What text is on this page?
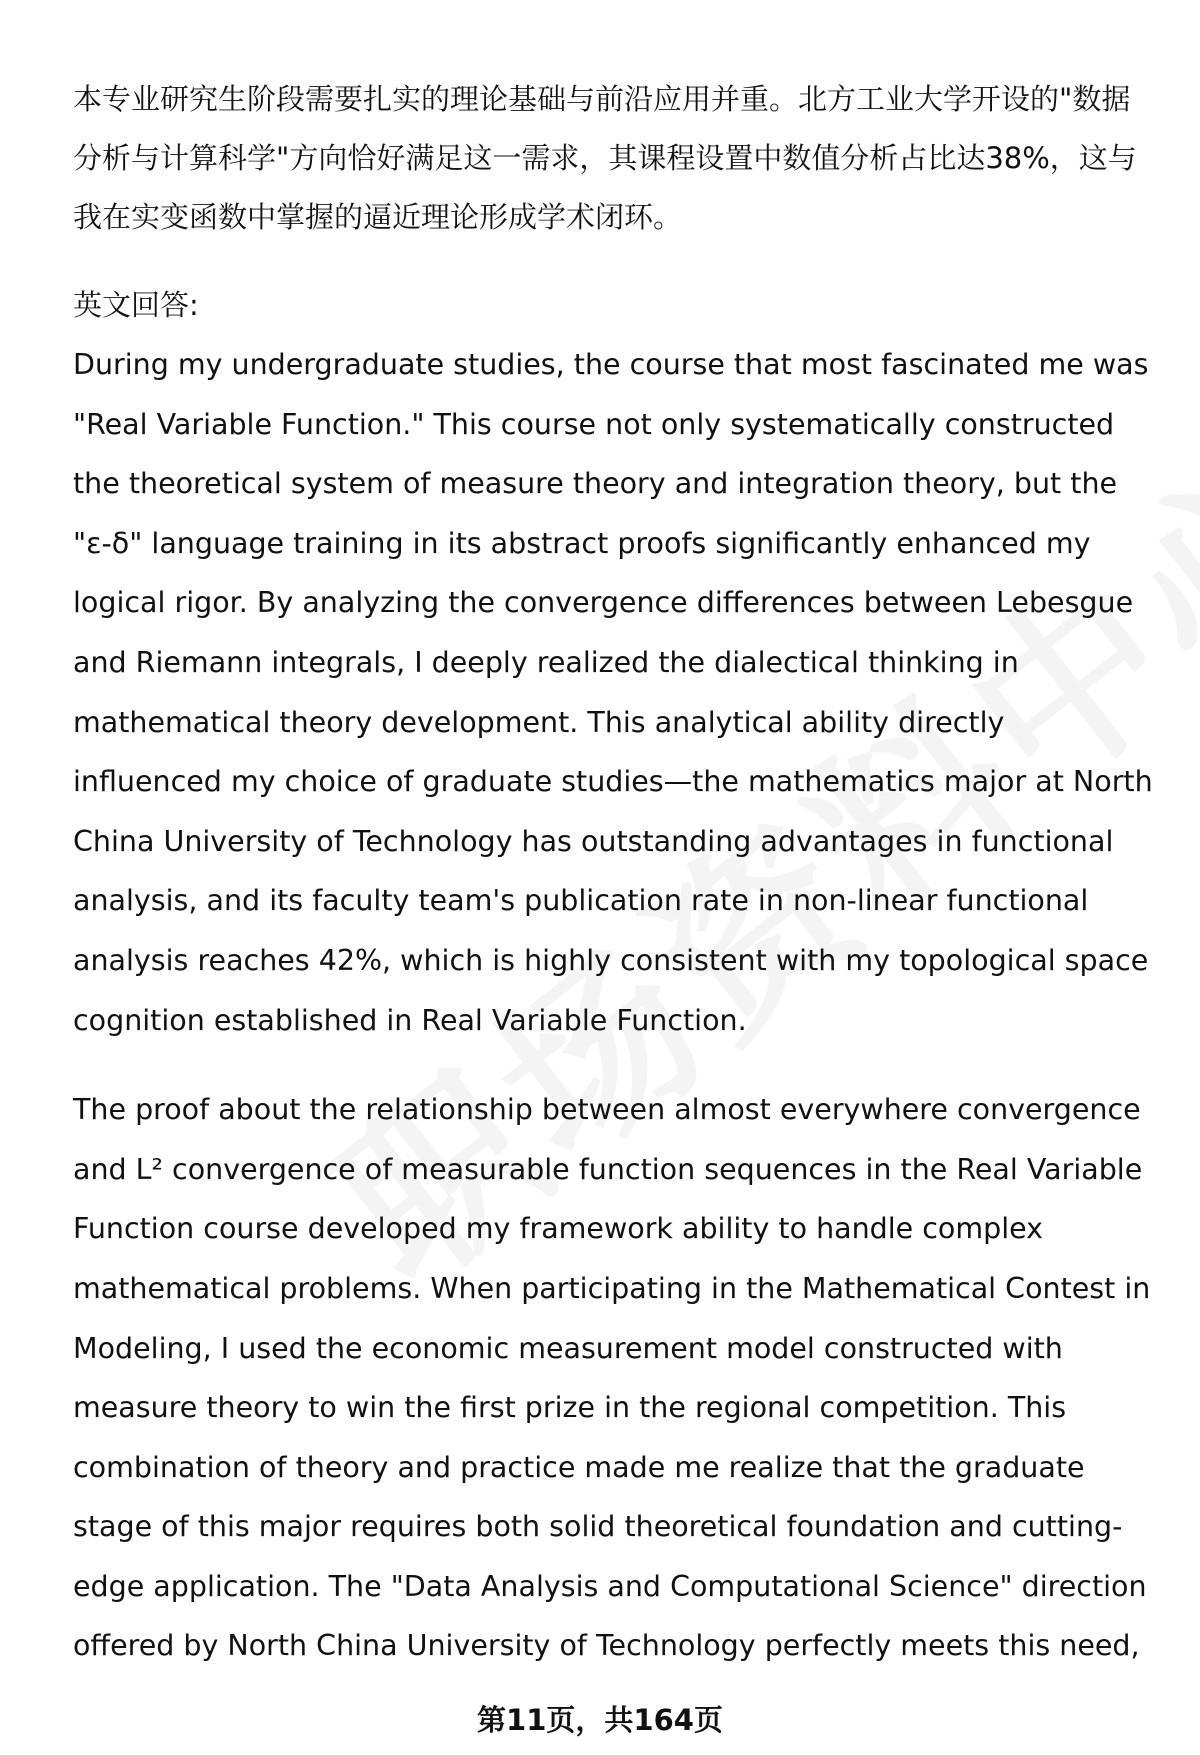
本专业研究生阶段需要扎实的理论基础与前沿应用并重。北方工业大学开设的"数据分析与计算科学"方向恰好满足这一需求，其课程设置中数值分析占比达38%，这与我在实变函数中掌握的逼近理论形成学术闭环。

英文回答:

During my undergraduate studies, the course that most fascinated me was "Real Variable Function." This course not only systematically constructed the theoretical system of measure theory and integration theory, but the "ε-δ" language training in its abstract proofs significantly enhanced my logical rigor. By analyzing the convergence differences between Lebesgue and Riemann integrals, I deeply realized the dialectical thinking in mathematical theory development. This analytical ability directly influenced my choice of graduate studies—the mathematics major at North China University of Technology has outstanding advantages in functional analysis, and its faculty team's publication rate in non-linear functional analysis reaches 42%, which is highly consistent with my topological space cognition established in Real Variable Function.

The proof about the relationship between almost everywhere convergence and L² convergence of measurable function sequences in the Real Variable Function course developed my framework ability to handle complex mathematical problems. When participating in the Mathematical Contest in Modeling, I used the economic measurement model constructed with measure theory to win the first prize in the regional competition. This combination of theory and practice made me realize that the graduate stage of this major requires both solid theoretical foundation and cutting-edge application. The "Data Analysis and Computational Science" direction offered by North China University of Technology perfectly meets this need,

第11页，共164页
